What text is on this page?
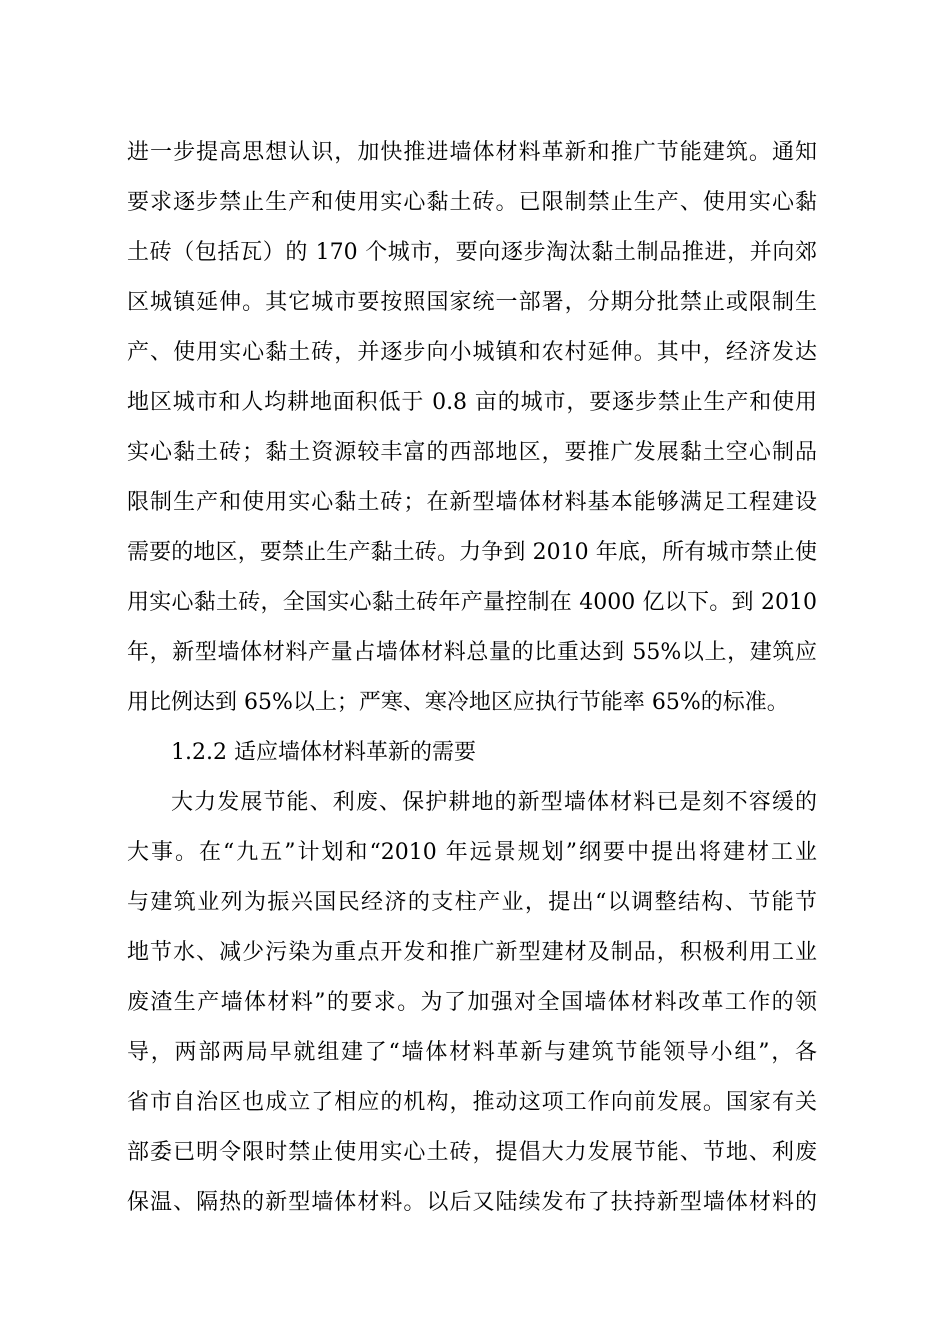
进一步提高思想认识，加快推进墙体材料革新和推广节能建筑。通知
要求逐步禁止生产和使用实心黏土砖。已限制禁止生产、使用实心黏
土砖（包括瓦）的 170 个城市，要向逐步淘汰黏土制品推进，并向郊
区城镇延伸。其它城市要按照国家统一部署，分期分批禁止或限制生
产、使用实心黏土砖，并逐步向小城镇和农村延伸。其中，经济发达
地区城市和人均耕地面积低于 0.8 亩的城市，要逐步禁止生产和使用
实心黏土砖；黏土资源较丰富的西部地区，要推广发展黏土空心制品
限制生产和使用实心黏土砖；在新型墙体材料基本能够满足工程建设
需要的地区，要禁止生产黏土砖。力争到 2010 年底，所有城市禁止使
用实心黏土砖，全国实心黏土砖年产量控制在 4000 亿以下。到 2010
年，新型墙体材料产量占墙体材料总量的比重达到 55%以上，建筑应
用比例达到 65%以上；严寒、寒冷地区应执行节能率 65%的标准。
1.2.2 适应墙体材料革新的需要
大力发展节能、利废、保护耕地的新型墙体材料已是刻不容缓的
大事。在“九五”计划和“2010 年远景规划”纲要中提出将建材工业
与建筑业列为振兴国民经济的支柱产业，提出“以调整结构、节能节
地节水、减少污染为重点开发和推广新型建材及制品，积极利用工业
废渣生产墙体材料”的要求。为了加强对全国墙体材料改革工作的领
导，两部两局早就组建了“墙体材料革新与建筑节能领导小组”，各
省市自治区也成立了相应的机构，推动这项工作向前发展。国家有关
部委已明令限时禁止使用实心土砖，提倡大力发展节能、节地、利废
保温、隔热的新型墙体材料。以后又陆续发布了扶持新型墙体材料的
